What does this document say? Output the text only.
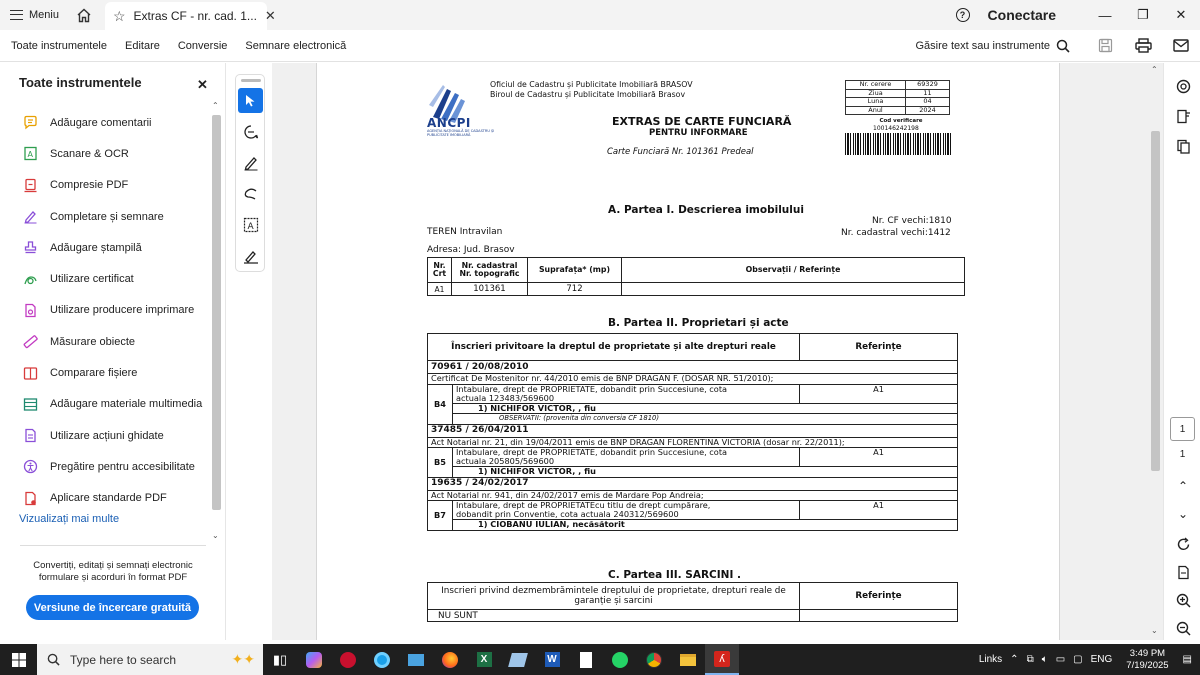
Meniu	☆ Extras CF - nr. cad. 1... ✕	?	Conectare	—	❐	✕
Toate instrumentele	Editare	Conversie	Semnare electronică	Găsire text sau instrumente
Toate instrumentele	✕
Adăugare comentarii
A Scanare & OCR
Compresie PDF
Completare și semnare
Adăugare ștampilă
Utilizare certificat
Utilizare producere imprimare
Măsurare obiecte
Comparare fișiere
Adăugare materiale multimedia
Utilizare acțiuni ghidate
Pregătire pentru accesibilitate
Aplicare standarde PDF
Vizualizați mai multe
⌃
⌄
Convertiți, editați și semnați electronic formulare și acorduri în format PDF
Versiune de încercare gratuită
A
ANCPI
AGENȚIA NAȚIONALĂ DE CADASTRU ȘI PUBLICITATE IMOBILIARĂ
Oficiul de Cadastru și Publicitate Imobiliară BRASOV
Biroul de Cadastru și Publicitate Imobiliară Brasov
EXTRAS DE CARTE FUNCIARĂ
PENTRU INFORMARE
Carte Funciară Nr. 101361 Predeal
Nr. cerere	69329
Ziua	11
Luna	04
Anul	2024
Cod verificare
100146242198
A. Partea I. Descrierea imobilului
Nr. CF vechi:1810
Nr. cadastral vechi:1412
TEREN Intravilan
Adresa: Jud. Brasov
Nr. Crt	Nr. cadastral Nr. topografic	Suprafața* (mp)	Observații / Referințe
A1	101361	712	
B. Partea II. Proprietari și acte
Înscrieri privitoare la dreptul de proprietate și alte drepturi reale		Referințe
70961 / 20/08/2010		
Certificat De Mostenitor nr. 44/2010 emis de BNP DRAGAN F. (DOSAR NR. 51/2010);		
B4	Intabulare, drept de PROPRIETATE, dobandit prin Succesiune, cota
actuala 123483/569600	A1
	1) NICHIFOR VICTOR, , fiu	
	OBSERVATII: (provenita din conversia CF 1810)	
37485 / 26/04/2011		
Act Notarial nr. 21, din 19/04/2011 emis de BNP DRAGAN FLORENTINA VICTORIA (dosar nr. 22/2011);		
B5	Intabulare, drept de PROPRIETATE, dobandit prin Succesiune, cota
actuala 205805/569600	A1
	1) NICHIFOR VICTOR, , fiu	
19635 / 24/02/2017		
Act Notarial nr. 941, din 24/02/2017 emis de Mardare Pop Andreia;		
B7	Intabulare, drept de PROPRIETATEcu titlu de drept cumpărare,
dobandit prin Conventie, cota actuala 240312/569600	A1
	1) CIOBANU IULIAN, necăsătorit	
C. Partea III. SARCINI .
Inscrieri privind dezmembrămintele dreptului de proprietate, drepturi reale de garanție și sarcini	Referințe
NU SUNT	
⌃
⌄
1
1
⌃
⌄
Type here to search	✦✦ ▮▯	X	W	ʎ	Links ⌃ ⧉ 🔈︎ ▭ ▢ ENG
3:49 PM
7/19/2025 ▤
